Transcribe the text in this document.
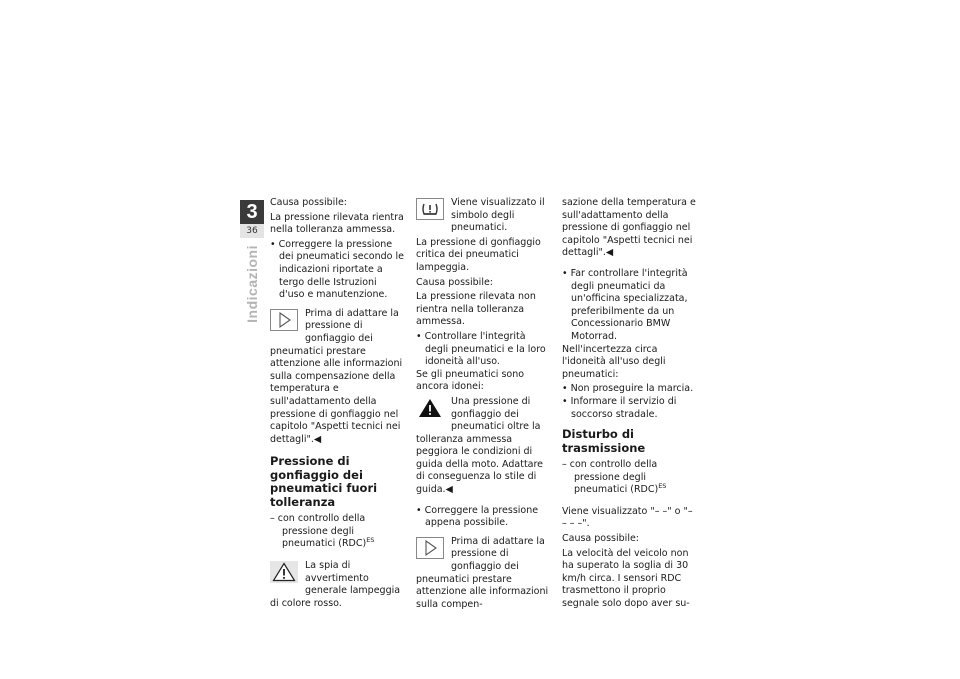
3
36
Indicazioni

Causa possibile:

La pressione rilevata rientra nella tolleranza ammessa.

• Correggere la pressione dei pneumatici secondo le indicazioni riportate a tergo delle Istruzioni d'uso e manutenzione.

Prima di adattare la pressione di gonfiaggio dei pneumatici prestare attenzione alle informazioni sulla compensazione della temperatura e sull'adattamento della pressione di gonfiaggio nel capitolo "Aspetti tecnici nei dettagli".◀

Pressione di gonfiaggio dei pneumatici fuori tolleranza

– con controllo della pressione degli pneumatici (RDC)$^{ES}$

La spia di avvertimento generale lampeggia di colore rosso.

Viene visualizzato il simbolo degli pneumatici.

La pressione di gonfiaggio critica dei pneumatici lampeggia.

Causa possibile:

La pressione rilevata non rientra nella tolleranza ammessa.

• Controllare l'integrità degli pneumatici e la loro idoneità all'uso.

Se gli pneumatici sono ancora idonei:

Una pressione di gonfiaggio dei pneumatici oltre la tolleranza ammessa peggiora le condizioni di guida della moto. Adattare di conseguenza lo stile di guida.◀

• Correggere la pressione appena possibile.

Prima di adattare la pressione di gonfiaggio dei pneumatici prestare attenzione alle informazioni sulla compen-

sazione della temperatura e sull'adattamento della pressione di gonfiaggio nel capitolo "Aspetti tecnici nei dettagli".◀

• Far controllare l'integrità degli pneumatici da un'officina specializzata, preferibilmente da un Concessionario BMW Motorrad.

Nell'incertezza circa l'idoneità all'uso degli pneumatici:

• Non proseguire la marcia.

• Informare il servizio di soccorso stradale.

Disturbo di trasmissione

– con controllo della pressione degli pneumatici (RDC)$^{ES}$

Viene visualizzato "– –" o "– – – –".

Causa possibile:

La velocità del veicolo non ha superato la soglia di 30 km/h circa. I sensori RDC trasmettono il proprio segnale solo dopo aver su-
